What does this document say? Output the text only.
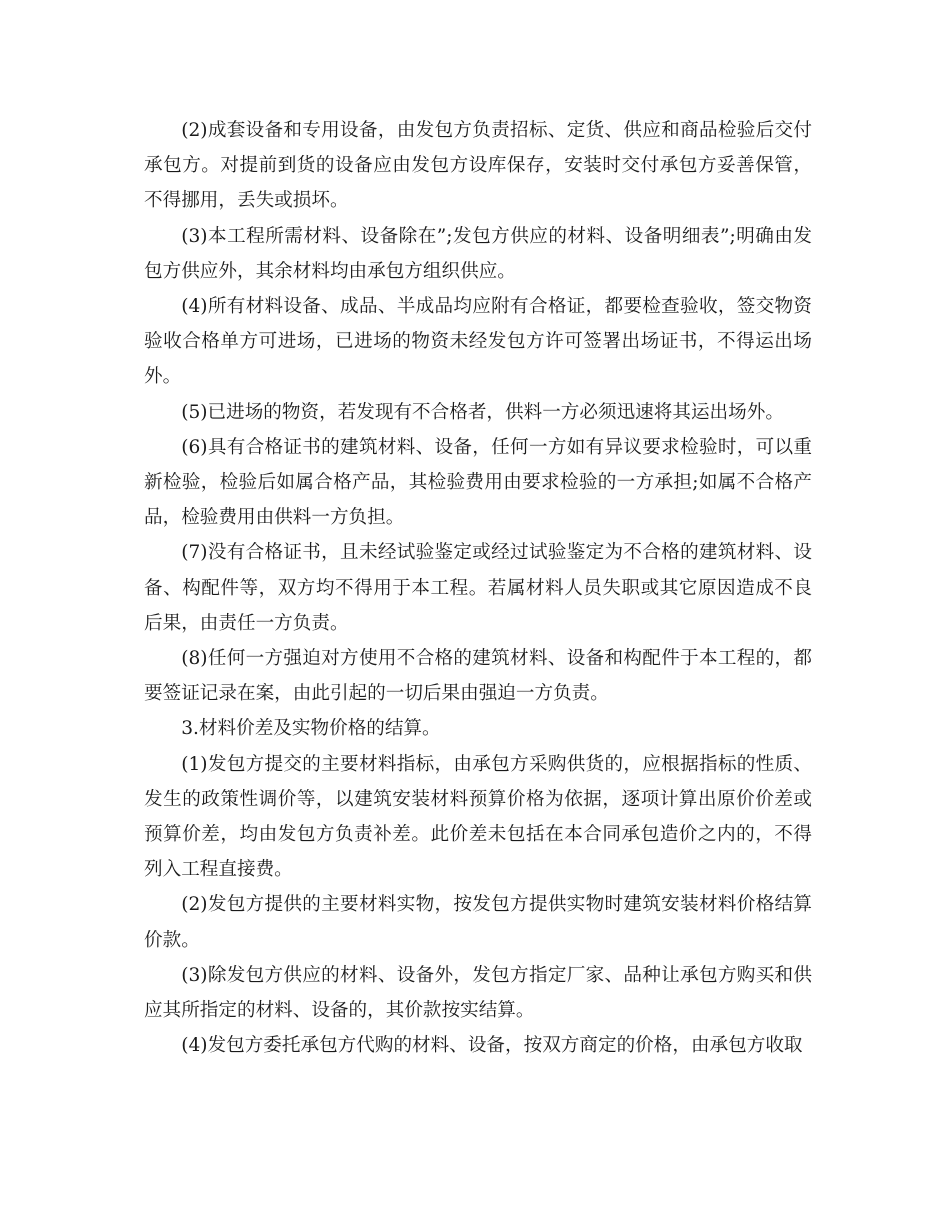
(2)成套设备和专用设备，由发包方负责招标、定货、供应和商品检验后交付承包方。对提前到货的设备应由发包方设库保存，安装时交付承包方妥善保管，不得挪用，丢失或损坏。

(3)本工程所需材料、设备除在”;发包方供应的材料、设备明细表”;明确由发包方供应外，其余材料均由承包方组织供应。

(4)所有材料设备、成品、半成品均应附有合格证，都要检查验收，签交物资验收合格单方可进场，已进场的物资未经发包方许可签署出场证书，不得运出场外。

(5)已进场的物资，若发现有不合格者，供料一方必须迅速将其运出场外。

(6)具有合格证书的建筑材料、设备，任何一方如有异议要求检验时，可以重新检验，检验后如属合格产品，其检验费用由要求检验的一方承担;如属不合格产品，检验费用由供料一方负担。

(7)没有合格证书，且未经试验鉴定或经过试验鉴定为不合格的建筑材料、设备、构配件等，双方均不得用于本工程。若属材料人员失职或其它原因造成不良后果，由责任一方负责。

(8)任何一方强迫对方使用不合格的建筑材料、设备和构配件于本工程的，都要签证记录在案，由此引起的一切后果由强迫一方负责。

3.材料价差及实物价格的结算。

(1)发包方提交的主要材料指标，由承包方采购供货的，应根据指标的性质、发生的政策性调价等，以建筑安装材料预算价格为依据，逐项计算出原价价差或预算价差，均由发包方负责补差。此价差未包括在本合同承包造价之内的，不得列入工程直接费。

(2)发包方提供的主要材料实物，按发包方提供实物时建筑安装材料价格结算价款。

(3)除发包方供应的材料、设备外，发包方指定厂家、品种让承包方购买和供应其所指定的材料、设备的，其价款按实结算。

(4)发包方委托承包方代购的材料、设备，按双方商定的价格，由承包方收取
